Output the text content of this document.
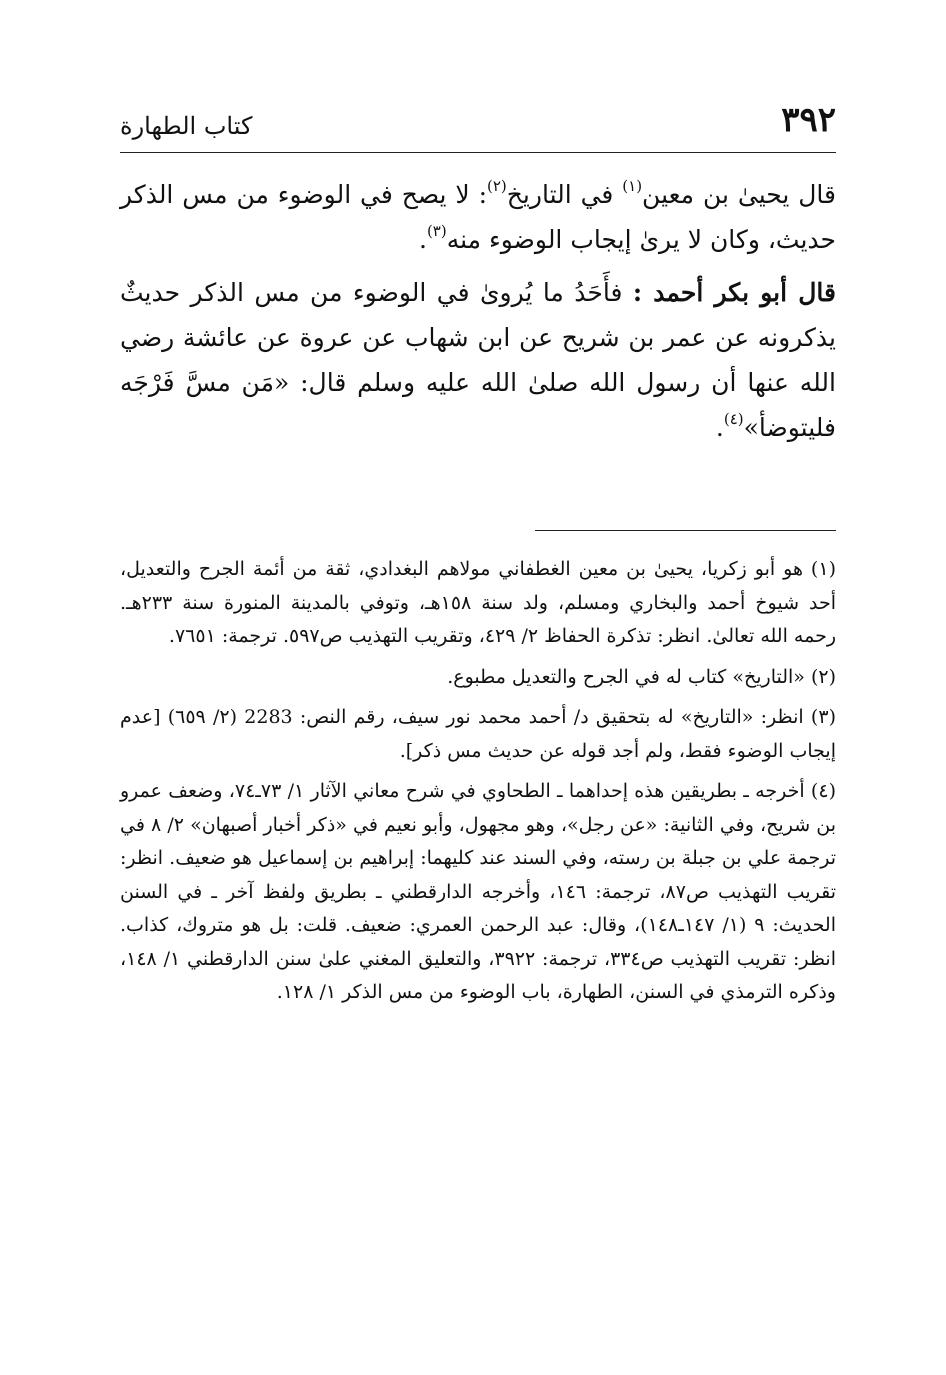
٣٩٢
كتاب الطهارة

قال يحيىٰ بن معين$^{(١)}$ في التاريخ$^{(٢)}$: لا يصح في الوضوء من مس الذكر حديث، وكان لا يرىٰ إيجاب الوضوء منه$^{(٣)}$.

قال أبو بكر أحمد : فأَحَدُ ما يُروىٰ في الوضوء من مس الذكر حديثٌ يذكرونه عن عمر بن شريح عن ابن شهاب عن عروة عن عائشة رضي الله عنها أن رسول الله صلىٰ الله عليه وسلم قال: «مَن مسَّ فَرْجَه فليتوضأ»$^{(٤)}$.

(١) هو أبو زكريا، يحيىٰ بن معين الغطفاني مولاهم البغدادي، ثقة من أئمة الجرح والتعديل، أحد شيوخ أحمد والبخاري ومسلم، ولد سنة ١٥٨هـ، وتوفي بالمدينة المنورة سنة ٢٣٣هـ. رحمه الله تعالىٰ. انظر: تذكرة الحفاظ ٢/ ٤٢٩، وتقريب التهذيب ص٥٩٧. ترجمة: ٧٦٥١.

(٢) «التاريخ» كتاب له في الجرح والتعديل مطبوع.

(٣) انظر: «التاريخ» له بتحقيق د/ أحمد محمد نور سيف، رقم النص: 2283 (٢/ ٦٥٩) [عدم إيجاب الوضوء فقط، ولم أجد قوله عن حديث مس ذكر].

(٤) أخرجه ـ بطريقين هذه إحداهما ـ الطحاوي في شرح معاني الآثار ١/ ٧٣ـ٧٤، وضعف عمرو بن شريح، وفي الثانية: «عن رجل»، وهو مجهول، وأبو نعيم في «ذكر أخبار أصبهان» ٢/ ٨ في ترجمة علي بن جبلة بن رسته، وفي السند عند كليهما: إبراهيم بن إسماعيل هو ضعيف. انظر: تقريب التهذيب ص٨٧، ترجمة: ١٤٦، وأخرجه الدارقطني ـ بطريق ولفظ آخر ـ في السنن الحديث: ٩ (١/ ١٤٧ـ١٤٨)، وقال: عبد الرحمن العمري: ضعيف. قلت: بل هو متروك، كذاب. انظر: تقريب التهذيب ص٣٣٤، ترجمة: ٣٩٢٢، والتعليق المغني علىٰ سنن الدارقطني ١/ ١٤٨، وذكره الترمذي في السنن، الطهارة، باب الوضوء من مس الذكر ١/ ١٢٨.
